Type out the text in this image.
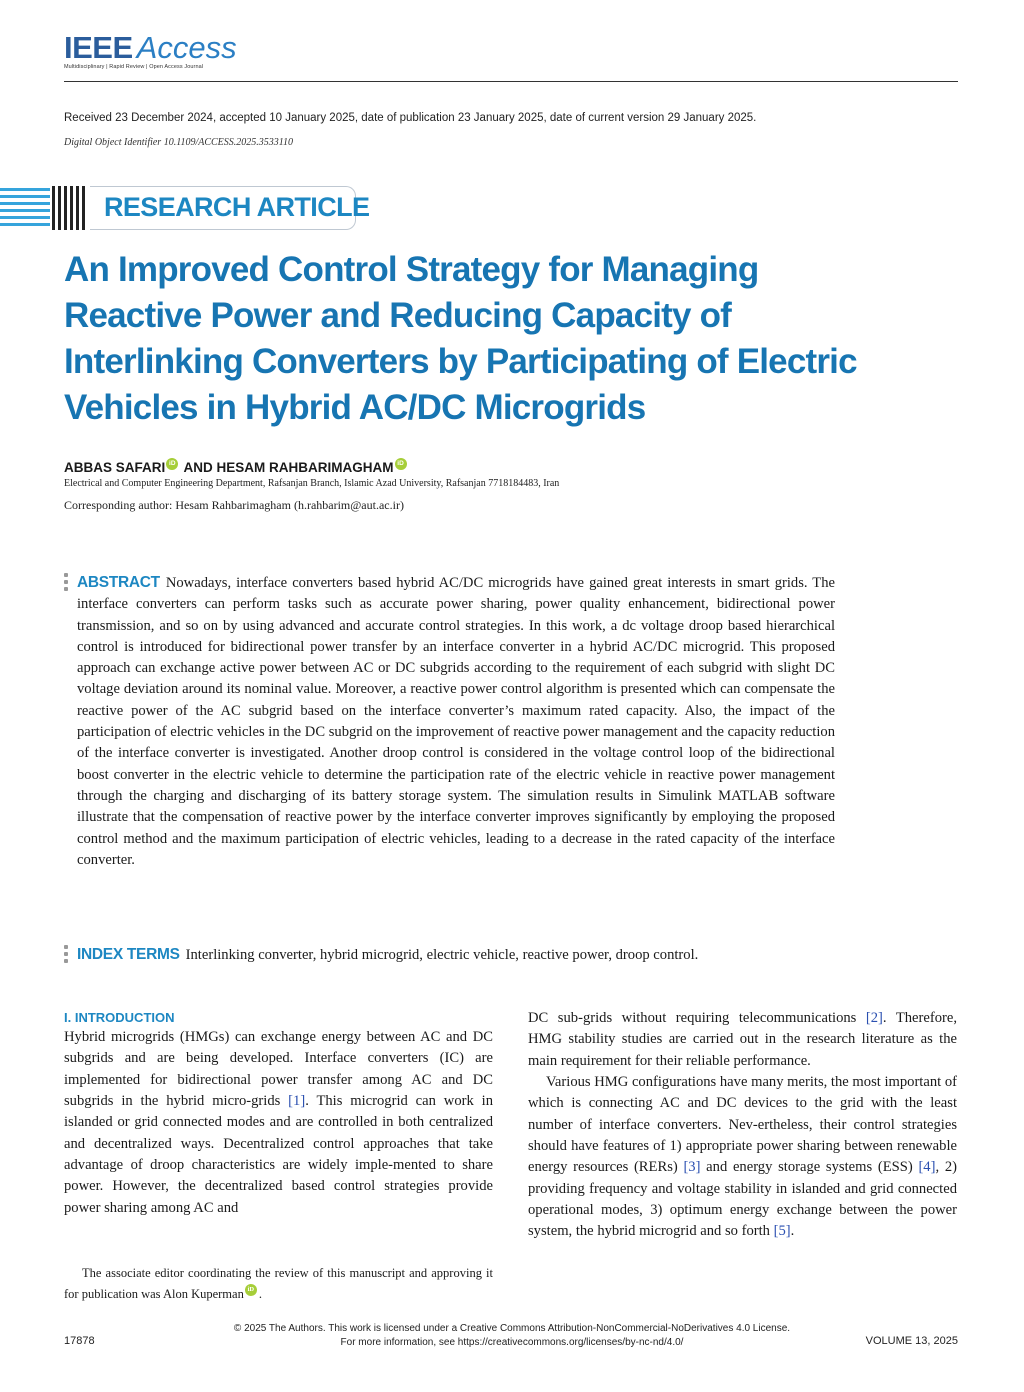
IEEE Access
Multidisciplinary | Rapid Review | Open Access Journal
Received 23 December 2024, accepted 10 January 2025, date of publication 23 January 2025, date of current version 29 January 2025.
Digital Object Identifier 10.1109/ACCESS.2025.3533110
RESEARCH ARTICLE
An Improved Control Strategy for Managing Reactive Power and Reducing Capacity of Interlinking Converters by Participating of Electric Vehicles in Hybrid AC/DC Microgrids
ABBAS SAFARI iD AND HESAM RAHBARIMAGHAM iD
Electrical and Computer Engineering Department, Rafsanjan Branch, Islamic Azad University, Rafsanjan 7718184483, Iran
Corresponding author: Hesam Rahbarimagham (h.rahbarim@aut.ac.ir)
ABSTRACT Nowadays, interface converters based hybrid AC/DC microgrids have gained great interests in smart grids. The interface converters can perform tasks such as accurate power sharing, power quality enhancement, bidirectional power transmission, and so on by using advanced and accurate control strategies. In this work, a dc voltage droop based hierarchical control is introduced for bidirectional power transfer by an interface converter in a hybrid AC/DC microgrid. This proposed approach can exchange active power between AC or DC subgrids according to the requirement of each subgrid with slight DC voltage deviation around its nominal value. Moreover, a reactive power control algorithm is presented which can compensate the reactive power of the AC subgrid based on the interface converter’s maximum rated capacity. Also, the impact of the participation of electric vehicles in the DC subgrid on the improvement of reactive power management and the capacity reduction of the interface converter is investigated. Another droop control is considered in the voltage control loop of the bidirectional boost converter in the electric vehicle to determine the participation rate of the electric vehicle in reactive power management through the charging and discharging of its battery storage system. The simulation results in Simulink MATLAB software illustrate that the compensation of reactive power by the interface converter improves significantly by employing the proposed control method and the maximum participation of electric vehicles, leading to a decrease in the rated capacity of the interface converter.
INDEX TERMS Interlinking converter, hybrid microgrid, electric vehicle, reactive power, droop control.
I. INTRODUCTION

Hybrid microgrids (HMGs) can exchange energy between AC and DC subgrids and are being developed. Interface converters (IC) are implemented for bidirectional power transfer among AC and DC subgrids in the hybrid micro-grids [1]. This microgrid can work in islanded or grid connected modes and are controlled in both centralized and decentralized ways. Decentralized control approaches that take advantage of droop characteristics are widely imple-mented to share power. However, the decentralized based control strategies provide power sharing among AC and

DC sub-grids without requiring telecommunications [2]. Therefore, HMG stability studies are carried out in the research literature as the main requirement for their reliable performance.

Various HMG configurations have many merits, the most important of which is connecting AC and DC devices to the grid with the least number of interface converters. Nev-ertheless, their control strategies should have features of 1) appropriate power sharing between renewable energy resources (RERs) [3] and energy storage systems (ESS) [4], 2) providing frequency and voltage stability in islanded and grid connected operational modes, 3) optimum energy exchange between the power system, the hybrid microgrid and so forth [5].

The associate editor coordinating the review of this manuscript and approving it for publication was Alon Kuperman iD .
17878
© 2025 The Authors. This work is licensed under a Creative Commons Attribution-NonCommercial-NoDerivatives 4.0 License.
For more information, see https://creativecommons.org/licenses/by-nc-nd/4.0/	VOLUME 13, 2025
